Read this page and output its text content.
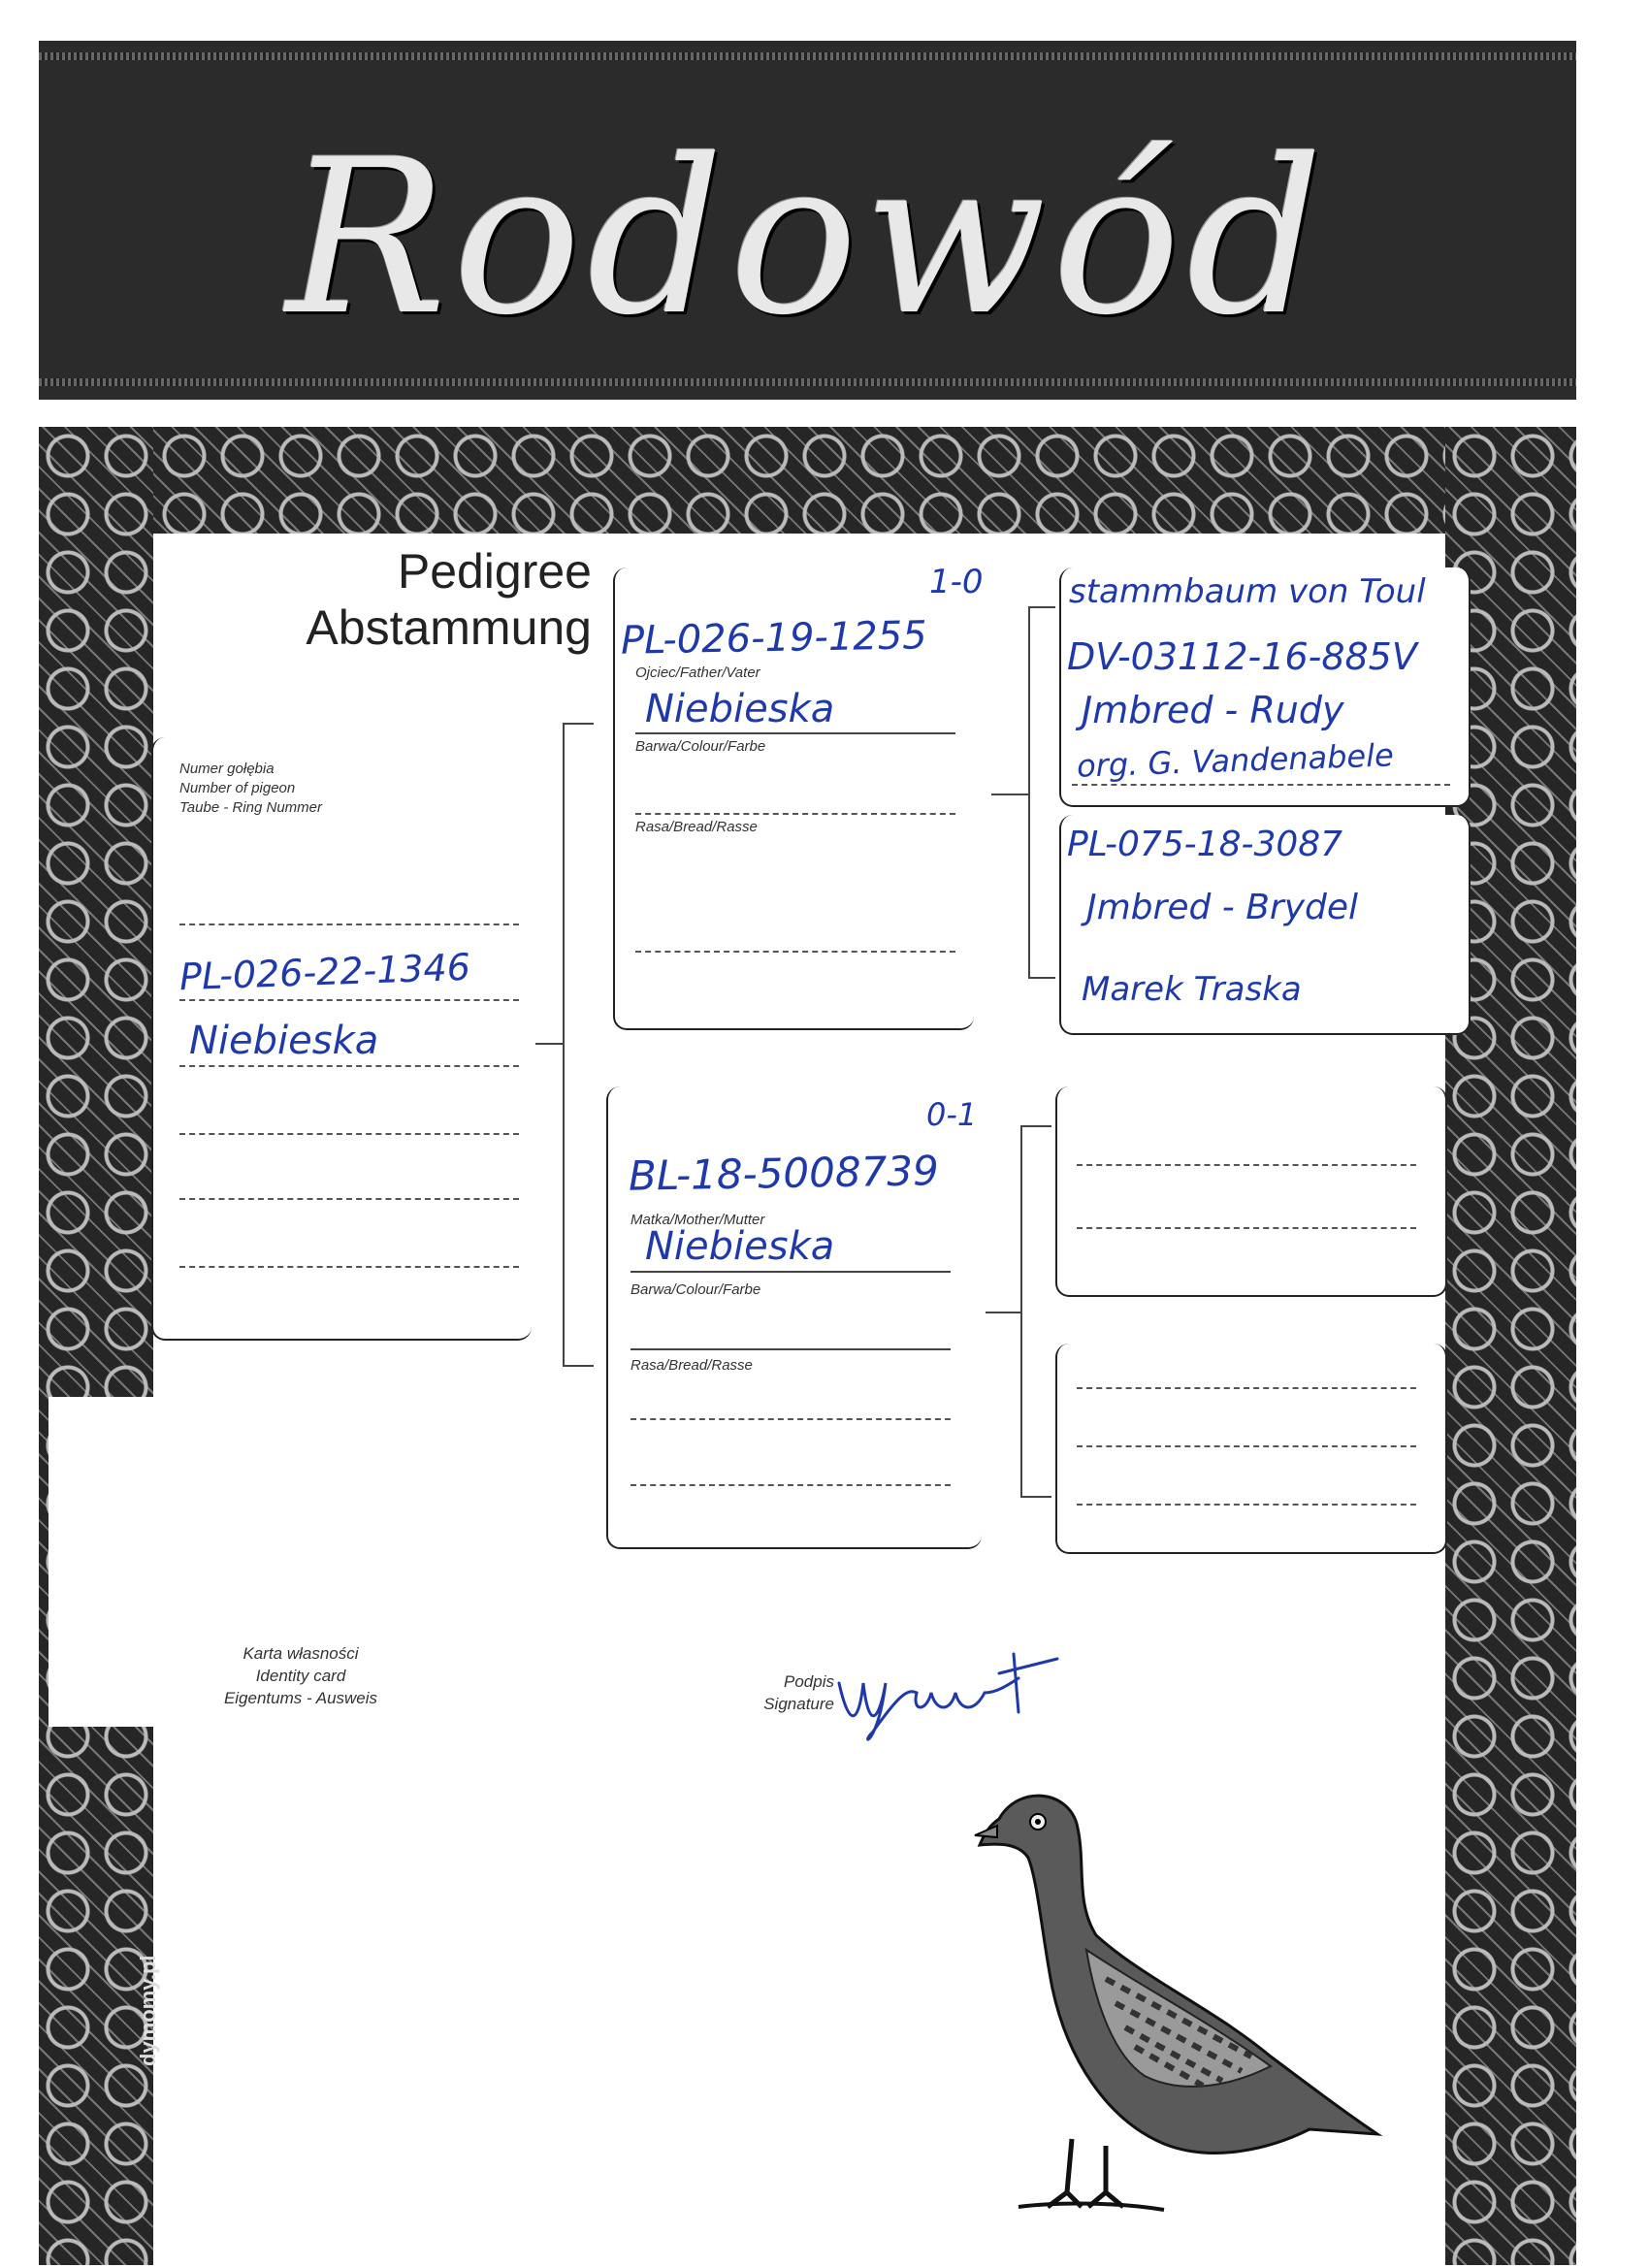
Rodowód
Pedigree
Abstammung
Numer gołębia
Number of pigeon
Taube - Ring Nummer
PL-026-22-1346
Niebieska
1-0
PL-026-19-1255
Ojciec/Father/Vater
Niebieska
Barwa/Colour/Farbe
Rasa/Bread/Rasse
0-1
BL-18-5008739
Matka/Mother/Mutter
Niebieska
Barwa/Colour/Farbe
Rasa/Bread/Rasse
stammbaum von Toul
DV-03112-16-885V
Jmbred - Rudy
org. G. Vandenabele
PL-075-18-3087
Jmbred - Brydel
Marek Traska
Karta własności
Identity card
Eigentums - Ausweis
Podpis
Signature
dymomy.pl
